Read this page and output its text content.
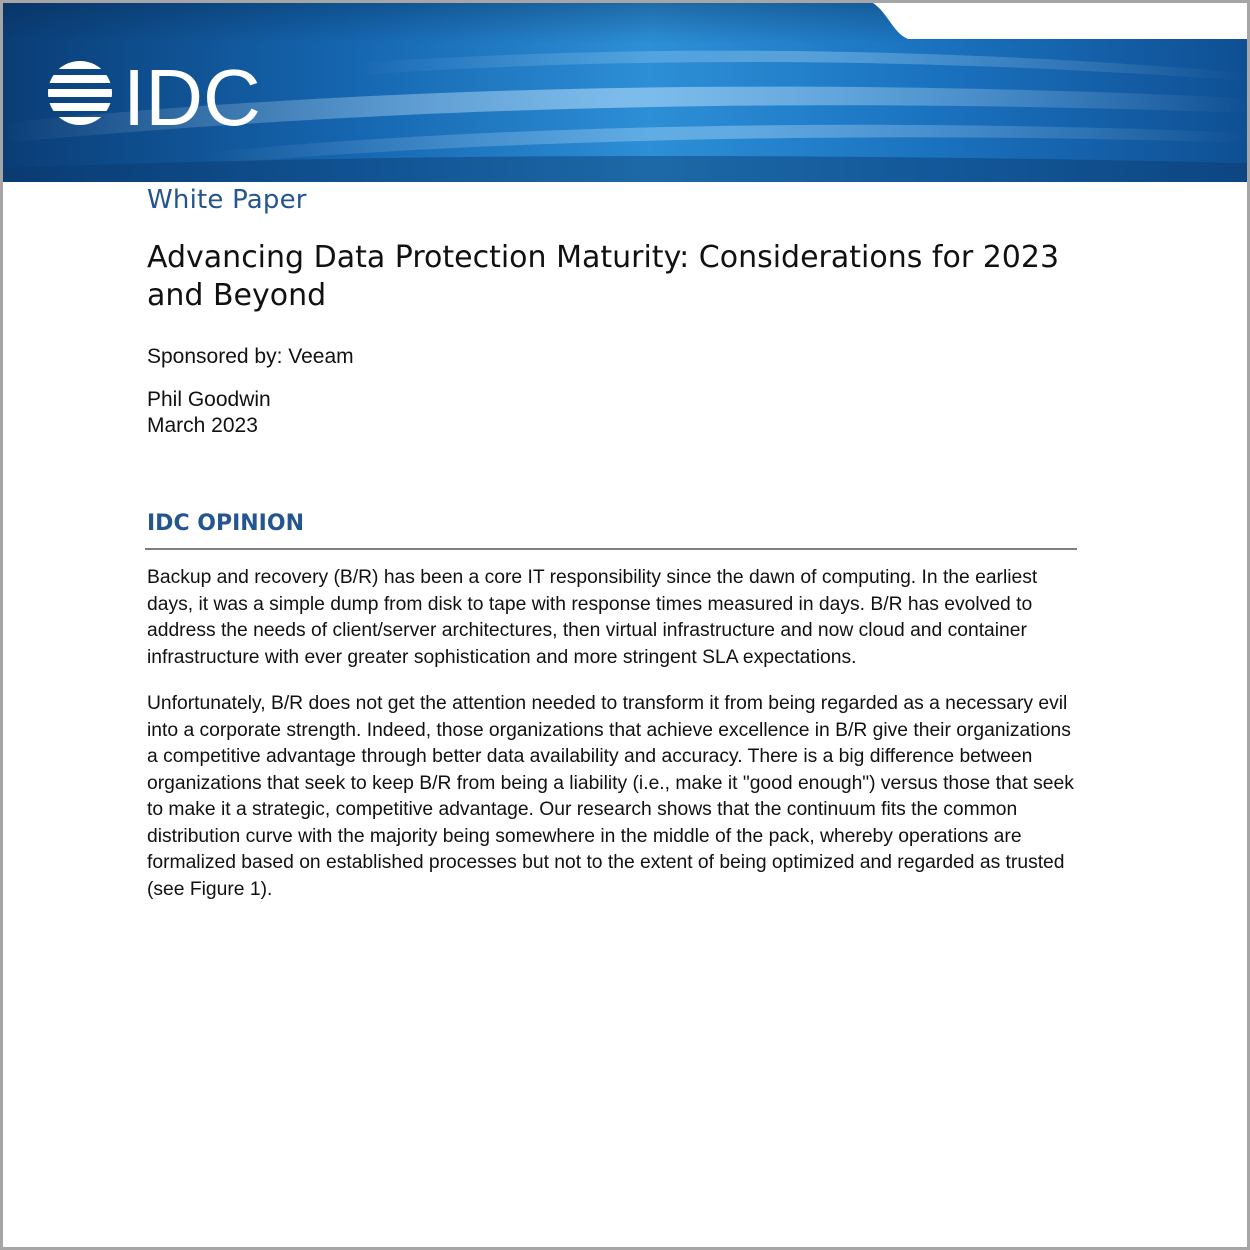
IDC
White Paper
Advancing Data Protection Maturity: Considerations for 2023 and Beyond
Sponsored by: Veeam
Phil Goodwin
March 2023
IDC OPINION

Backup and recovery (B/R) has been a core IT responsibility since the dawn of computing. In the earliest days, it was a simple dump from disk to tape with response times measured in days. B/R has evolved to address the needs of client/server architectures, then virtual infrastructure and now cloud and container infrastructure with ever greater sophistication and more stringent SLA expectations.

Unfortunately, B/R does not get the attention needed to transform it from being regarded as a necessary evil into a corporate strength. Indeed, those organizations that achieve excellence in B/R give their organizations a competitive advantage through better data availability and accuracy. There is a big difference between organizations that seek to keep B/R from being a liability (i.e., make it "good enough") versus those that seek to make it a strategic, competitive advantage. Our research shows that the continuum fits the common distribution curve with the majority being somewhere in the middle of the pack, whereby operations are formalized based on established processes but not to the extent of being optimized and regarded as trusted (see Figure 1).
